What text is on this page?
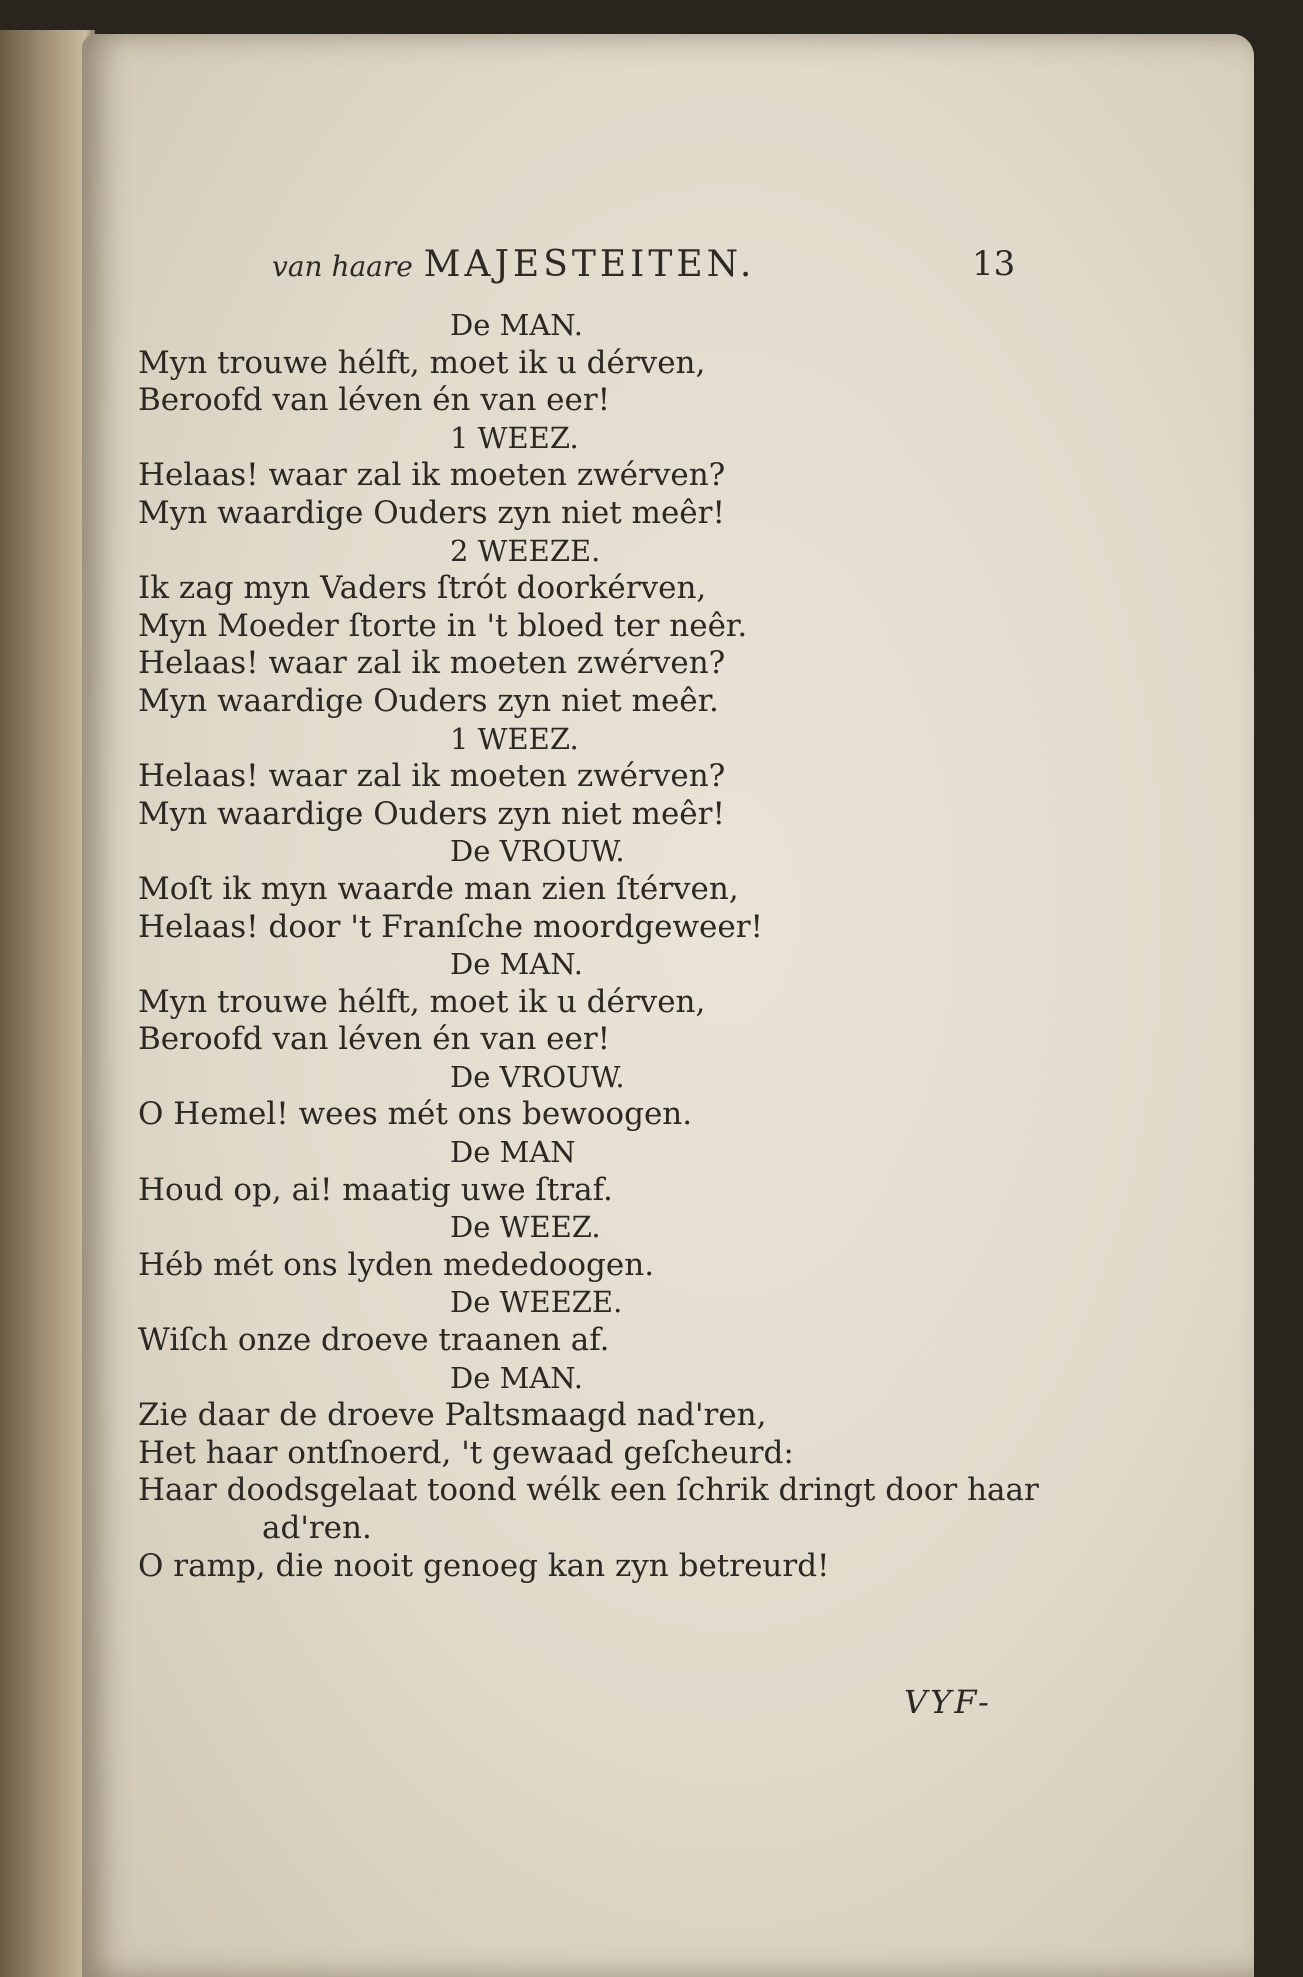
van haare MAJESTEITEN.	13
De MAN.
Myn trouwe hélft, moet ik u dérven,
Beroofd van léven én van eer!
1 WEEZ.
Helaas! waar zal ik moeten zwérven?
Myn waardige Ouders zyn niet meêr!
2 WEEZE.
Ik zag myn Vaders ſtrót doorkérven,
Myn Moeder ſtorte in 't bloed ter neêr.
Helaas! waar zal ik moeten zwérven?
Myn waardige Ouders zyn niet meêr.
1 WEEZ.
Helaas! waar zal ik moeten zwérven?
Myn waardige Ouders zyn niet meêr!
De VROUW.
Moſt ik myn waarde man zien ſtérven,
Helaas! door 't Franſche moordgeweer!
De MAN.
Myn trouwe hélft, moet ik u dérven,
Beroofd van léven én van eer!
De VROUW.
O Hemel! wees mét ons bewoogen.
De MAN
Houd op, ai! maatig uwe ſtraf.
De WEEZ.
Héb mét ons lyden mededoogen.
De WEEZE.
Wiſch onze droeve traanen af.
De MAN.
Zie daar de droeve Paltsmaagd nad'ren,
Het haar ontſnoerd, 't gewaad geſcheurd:
Haar doodsgelaat toond wélk een ſchrik dringt door haar
ad'ren.
O ramp, die nooit genoeg kan zyn betreurd!
VYF-
